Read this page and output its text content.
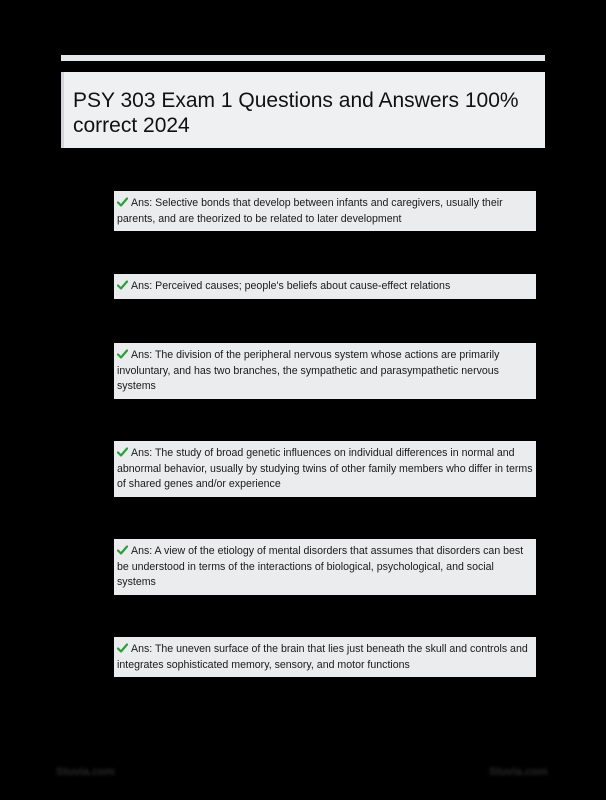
PSY 303 Exam 1 Questions and Answers 100% correct 2024
Ans: Selective bonds that develop between infants and caregivers, usually their parents, and are theorized to be related to later development
Ans: Perceived causes; people's beliefs about cause-effect relations
Ans: The division of the peripheral nervous system whose actions are primarily involuntary, and has two branches, the sympathetic and parasympathetic nervous systems
Ans: The study of broad genetic influences on individual differences in normal and abnormal behavior, usually by studying twins of other family members who differ in terms of shared genes and/or experience
Ans: A view of the etiology of mental disorders that assumes that disorders can best be understood in terms of the interactions of biological, psychological, and social systems
Ans: The uneven surface of the brain that lies just beneath the skull and controls and integrates sophisticated memory, sensory, and motor functions
Stuvia.com	Stuvia.com
